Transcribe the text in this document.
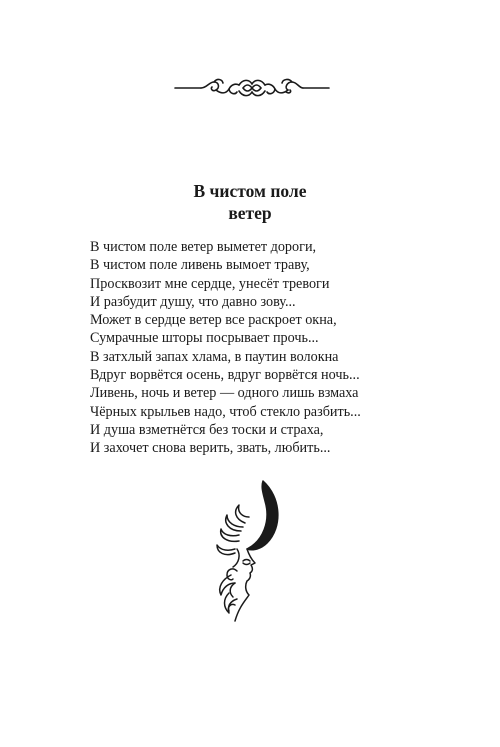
В чистом поле
ветер
В чистом поле ветер выметет дороги,
В чистом поле ливень вымоет траву,
Просквозит мне сердце, унесёт тревоги
И разбудит душу, что давно зову...
Может в сердце ветер все раскроет окна,
Сумрачные шторы посрывает прочь...
В затхлый запах хлама, в паутин волокна
Вдруг ворвётся осень, вдруг ворвётся ночь...
Ливень, ночь и ветер — одного лишь взмаха
Чёрных крыльев надо, чтоб стекло разбить...
И душа взметнётся без тоски и страха,
И захочет снова верить, звать, любить...
